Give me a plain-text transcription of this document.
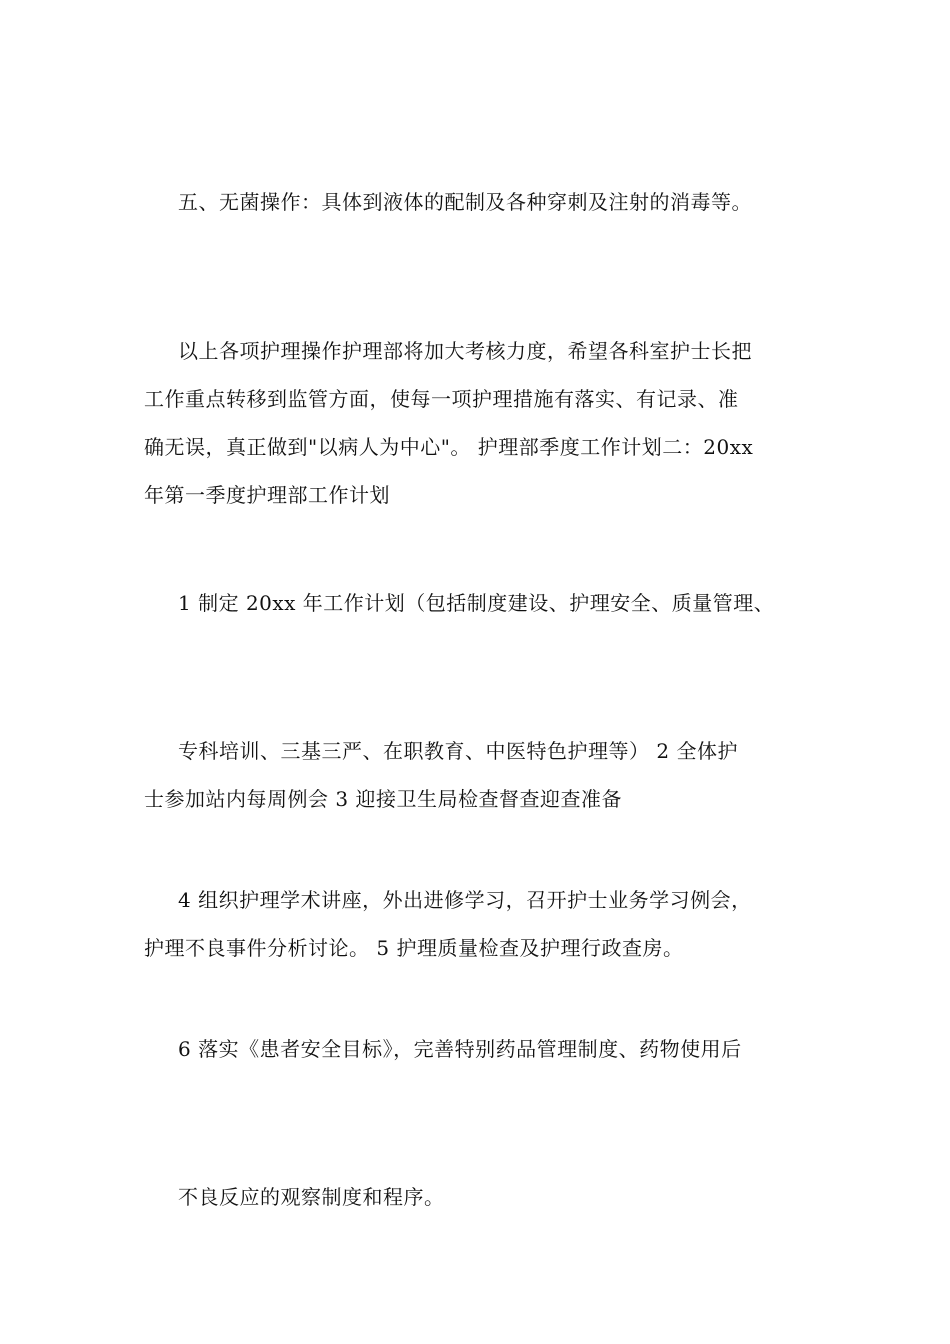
五、无菌操作：具体到液体的配制及各种穿刺及注射的消毒等。
以上各项护理操作护理部将加大考核力度，希望各科室护士长把
工作重点转移到监管方面，使每一项护理措施有落实、有记录、准
确无误，真正做到"以病人为中心"。 护理部季度工作计划二：20xx
年第一季度护理部工作计划
1 制定 20xx 年工作计划（包括制度建设、护理安全、质量管理、
专科培训、三基三严、在职教育、中医特色护理等） 2 全体护
士参加站内每周例会 3 迎接卫生局检查督查迎查准备
4 组织护理学术讲座，外出进修学习，召开护士业务学习例会，
护理不良事件分析讨论。 5 护理质量检查及护理行政查房。
6 落实《患者安全目标》，完善特别药品管理制度、药物使用后
不良反应的观察制度和程序。
